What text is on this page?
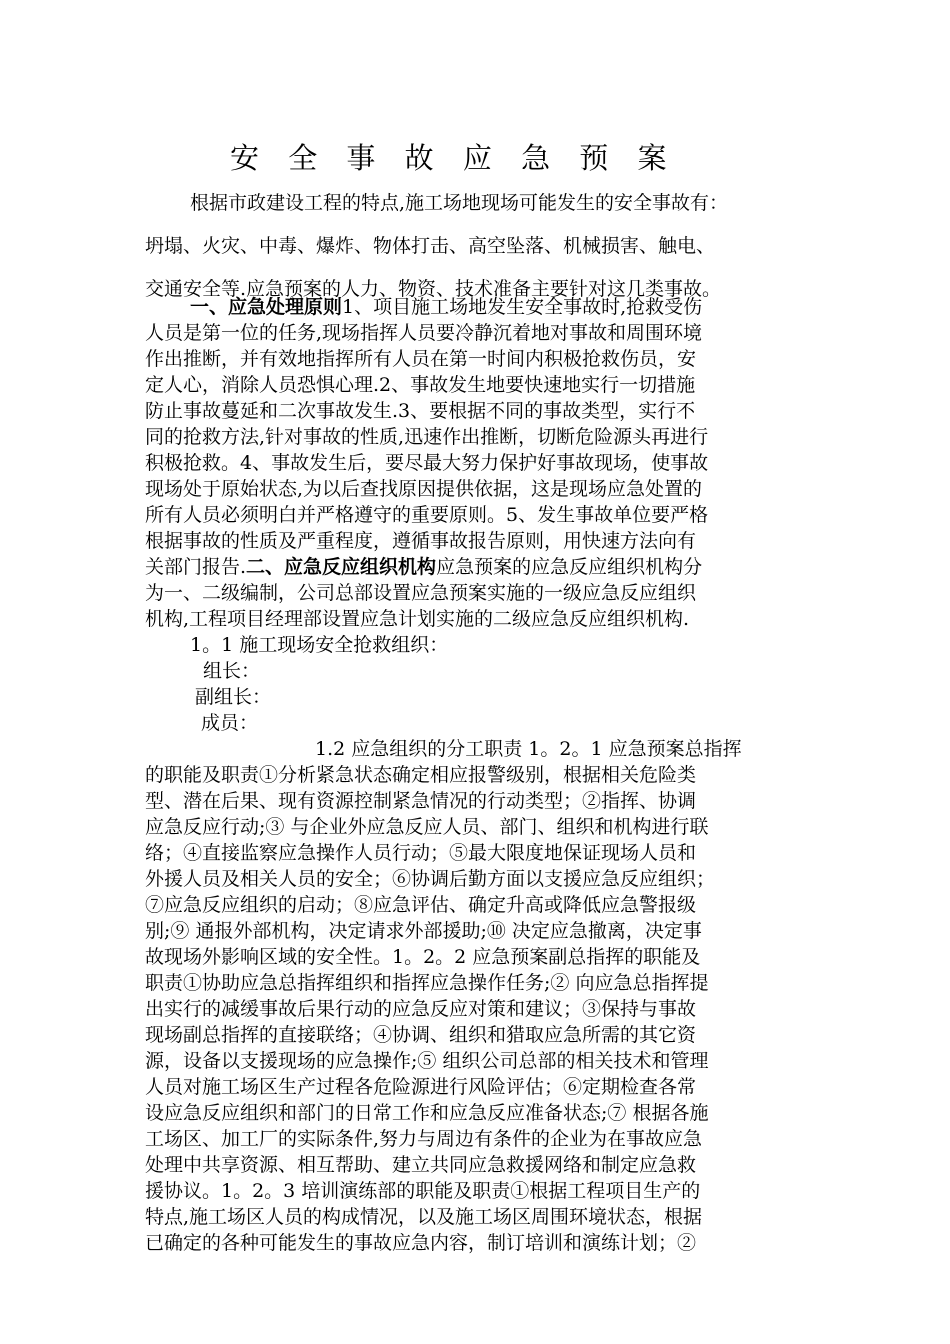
安 全 事 故 应 急 预 案
根据市政建设工程的特点,施工场地现场可能发生的安全事故有：
坍塌、火灾、中毒、爆炸、物体打击、高空坠落、机械损害、触电、
交通安全等.应急预案的人力、物资、技术准备主要针对这几类事故。
一、应急处理原则1、项目施工场地发生安全事故时,抢救受伤
人员是第一位的任务,现场指挥人员要冷静沉着地对事故和周围环境
作出推断，并有效地指挥所有人员在第一时间内积极抢救伤员，安
定人心，消除人员恐惧心理.2、事故发生地要快速地实行一切措施
防止事故蔓延和二次事故发生.3、要根据不同的事故类型，实行不
同的抢救方法,针对事故的性质,迅速作出推断，切断危险源头再进行
积极抢救。4、事故发生后，要尽最大努力保护好事故现场，使事故
现场处于原始状态,为以后查找原因提供依据，这是现场应急处置的
所有人员必须明白并严格遵守的重要原则。5、发生事故单位要严格
根据事故的性质及严重程度，遵循事故报告原则，用快速方法向有
关部门报告.二、应急反应组织机构应急预案的应急反应组织机构分
为一、二级编制，公司总部设置应急预案实施的一级应急反应组织
机构,工程项目经理部设置应急计划实施的二级应急反应组织机构.
1。1 施工现场安全抢救组织：
组长：
副组长：
成员：
1.2 应急组织的分工职责 1。2。1 应急预案总指挥
的职能及职责①分析紧急状态确定相应报警级别，根据相关危险类
型、潜在后果、现有资源控制紧急情况的行动类型；②指挥、协调
应急反应行动;③ 与企业外应急反应人员、部门、组织和机构进行联
络；④直接监察应急操作人员行动；⑤最大限度地保证现场人员和
外援人员及相关人员的安全；⑥协调后勤方面以支援应急反应组织；
⑦应急反应组织的启动；⑧应急评估、确定升高或降低应急警报级
别;⑨ 通报外部机构，决定请求外部援助;⑩ 决定应急撤离，决定事
故现场外影响区域的安全性。1。2。2 应急预案副总指挥的职能及
职责①协助应急总指挥组织和指挥应急操作任务;② 向应急总指挥提
出实行的减缓事故后果行动的应急反应对策和建议；③保持与事故
现场副总指挥的直接联络；④协调、组织和猎取应急所需的其它资
源，设备以支援现场的应急操作;⑤ 组织公司总部的相关技术和管理
人员对施工场区生产过程各危险源进行风险评估；⑥定期检查各常
设应急反应组织和部门的日常工作和应急反应准备状态;⑦ 根据各施
工场区、加工厂的实际条件,努力与周边有条件的企业为在事故应急
处理中共享资源、相互帮助、建立共同应急救援网络和制定应急救
援协议。1。2。3 培训演练部的职能及职责①根据工程项目生产的
特点,施工场区人员的构成情况，以及施工场区周围环境状态，根据
已确定的各种可能发生的事故应急内容，制订培训和演练计划；②
